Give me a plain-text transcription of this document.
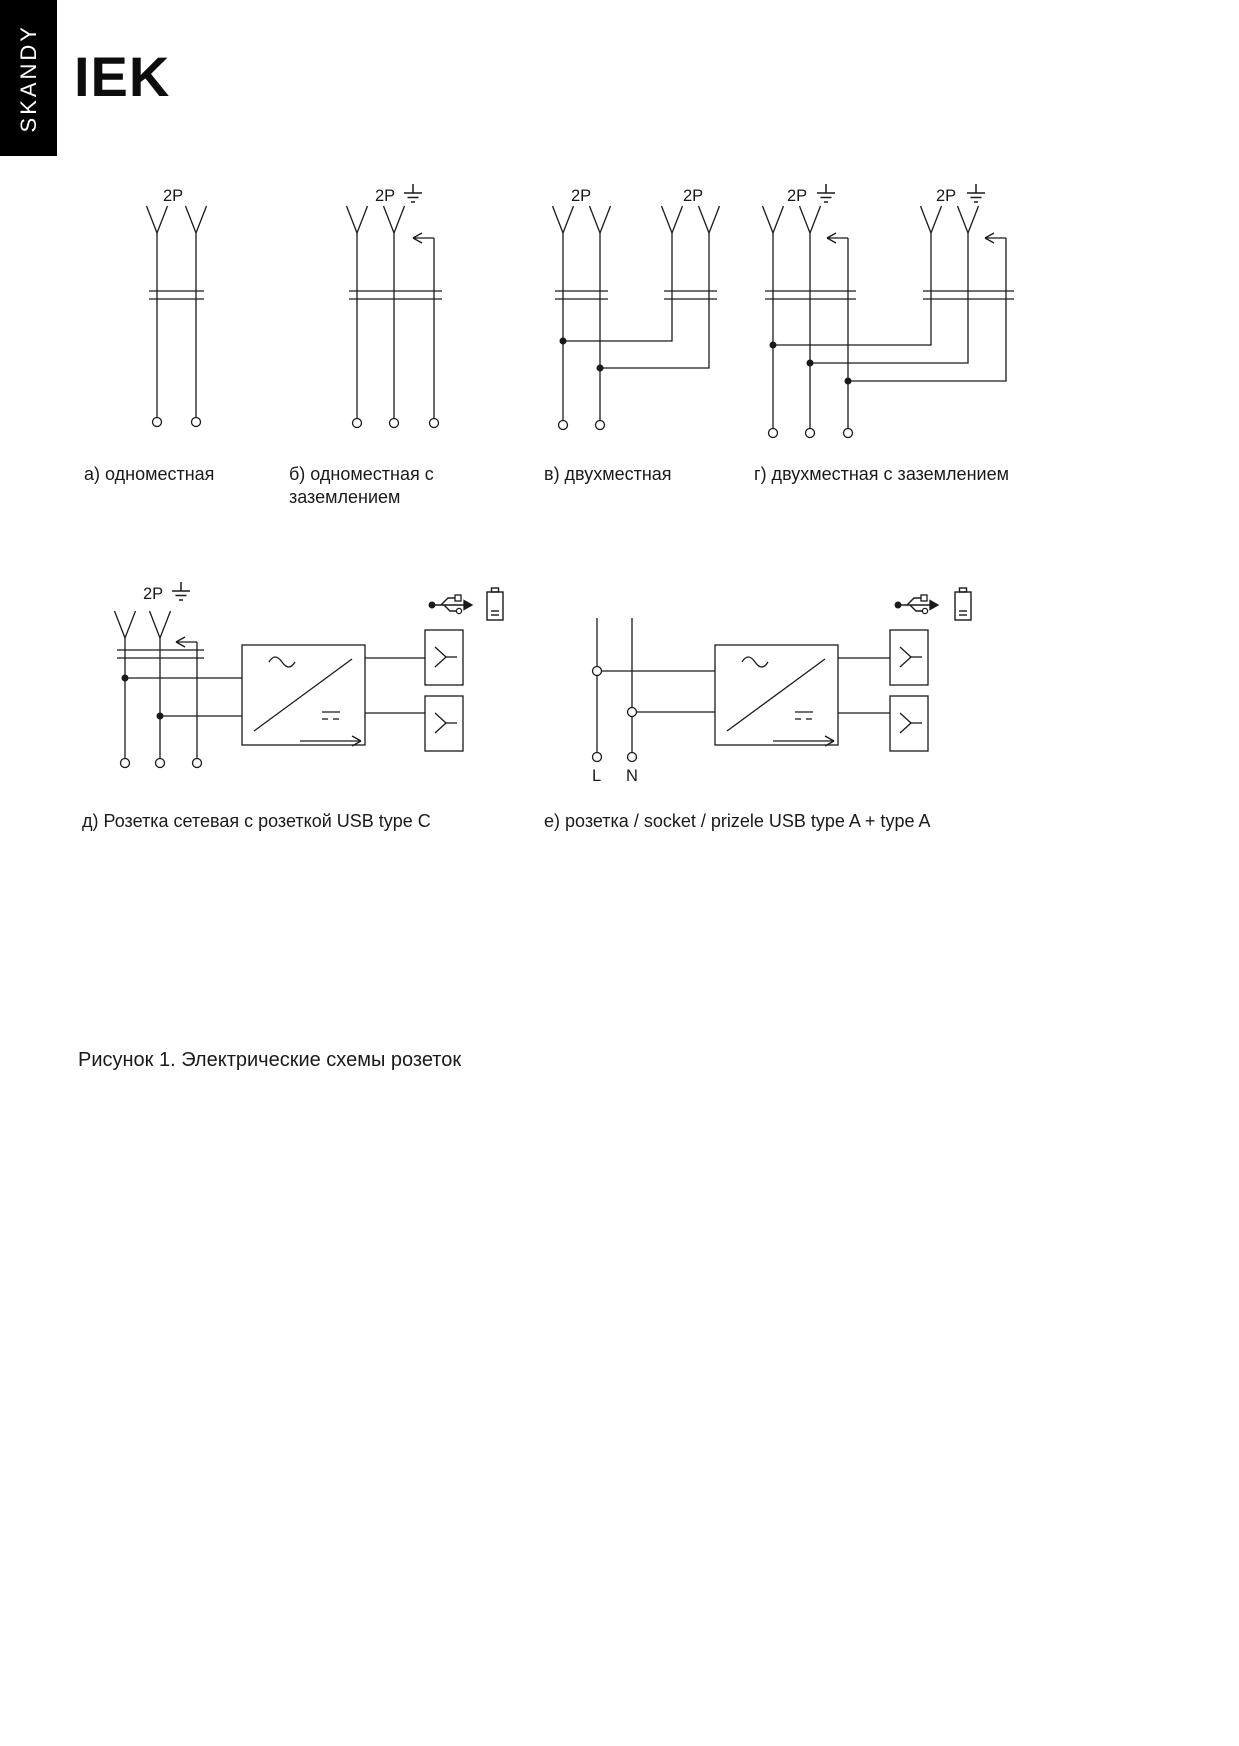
SKANDY IEK
2P	2P	2P	2P	2P	2P
2P
L N
а) одноместная	б) одноместная с
заземлением
в) двухместная	г) двухместная с заземлением
д) Розетка сетевая с розеткой USB type C	е) розетка / socket / prizele USB type A + type A
Рисунок 1. Электрические схемы розеток
